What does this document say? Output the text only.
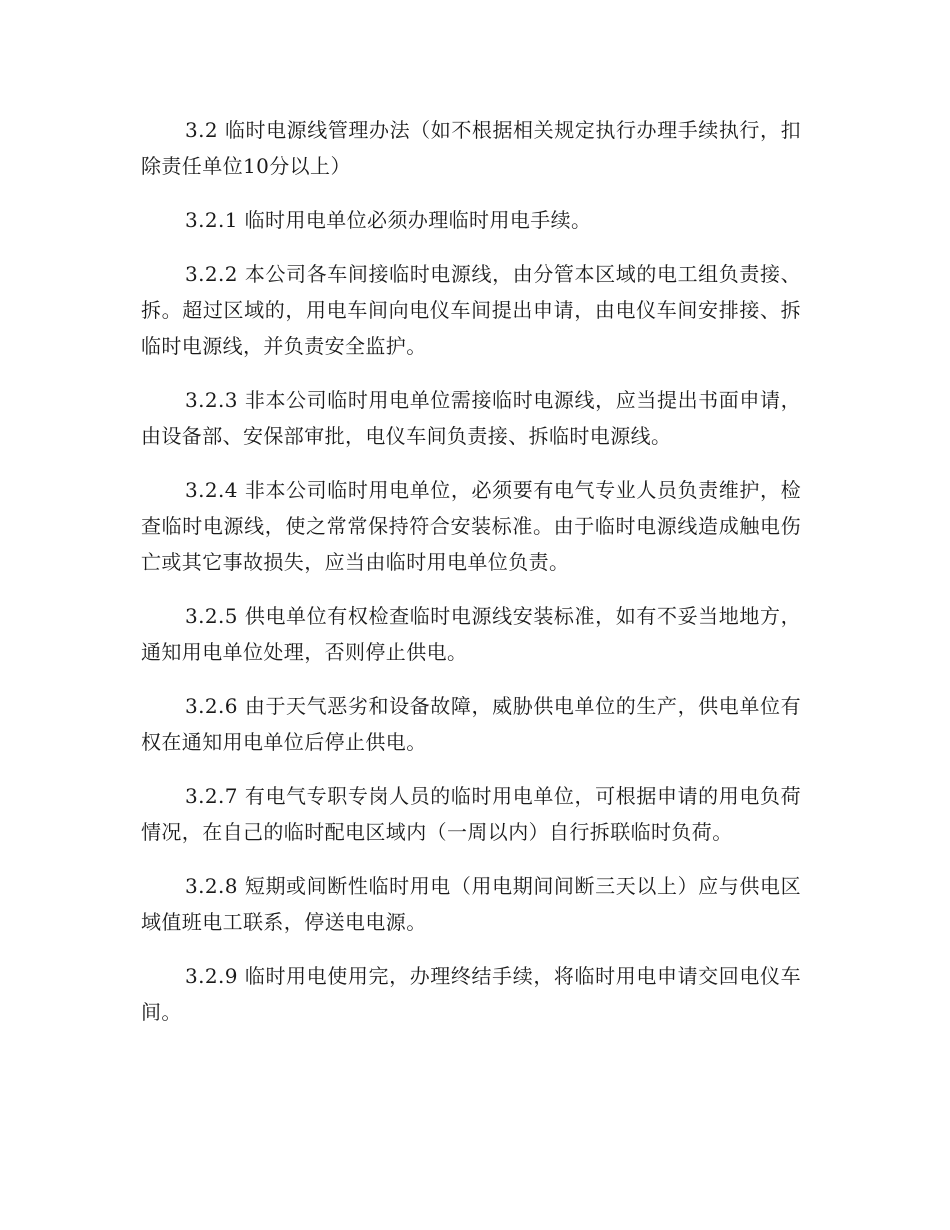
3.2 临时电源线管理办法（如不根据相关规定执行办理手续执行，扣除责任单位10分以上）

3.2.1 临时用电单位必须办理临时用电手续。

3.2.2 本公司各车间接临时电源线，由分管本区域的电工组负责接、拆。超过区域的，用电车间向电仪车间提出申请，由电仪车间安排接、拆临时电源线，并负责安全监护。

3.2.3 非本公司临时用电单位需接临时电源线，应当提出书面申请，由设备部、安保部审批，电仪车间负责接、拆临时电源线。

3.2.4 非本公司临时用电单位，必须要有电气专业人员负责维护，检查临时电源线，使之常常保持符合安装标准。由于临时电源线造成触电伤亡或其它事故损失，应当由临时用电单位负责。

3.2.5 供电单位有权检查临时电源线安装标准，如有不妥当地地方，通知用电单位处理，否则停止供电。

3.2.6 由于天气恶劣和设备故障，威胁供电单位的生产，供电单位有权在通知用电单位后停止供电。

3.2.7 有电气专职专岗人员的临时用电单位，可根据申请的用电负荷情况，在自己的临时配电区域内（一周以内）自行拆联临时负荷。

3.2.8 短期或间断性临时用电（用电期间间断三天以上）应与供电区域值班电工联系，停送电电源。

3.2.9 临时用电使用完，办理终结手续，将临时用电申请交回电仪车间。
